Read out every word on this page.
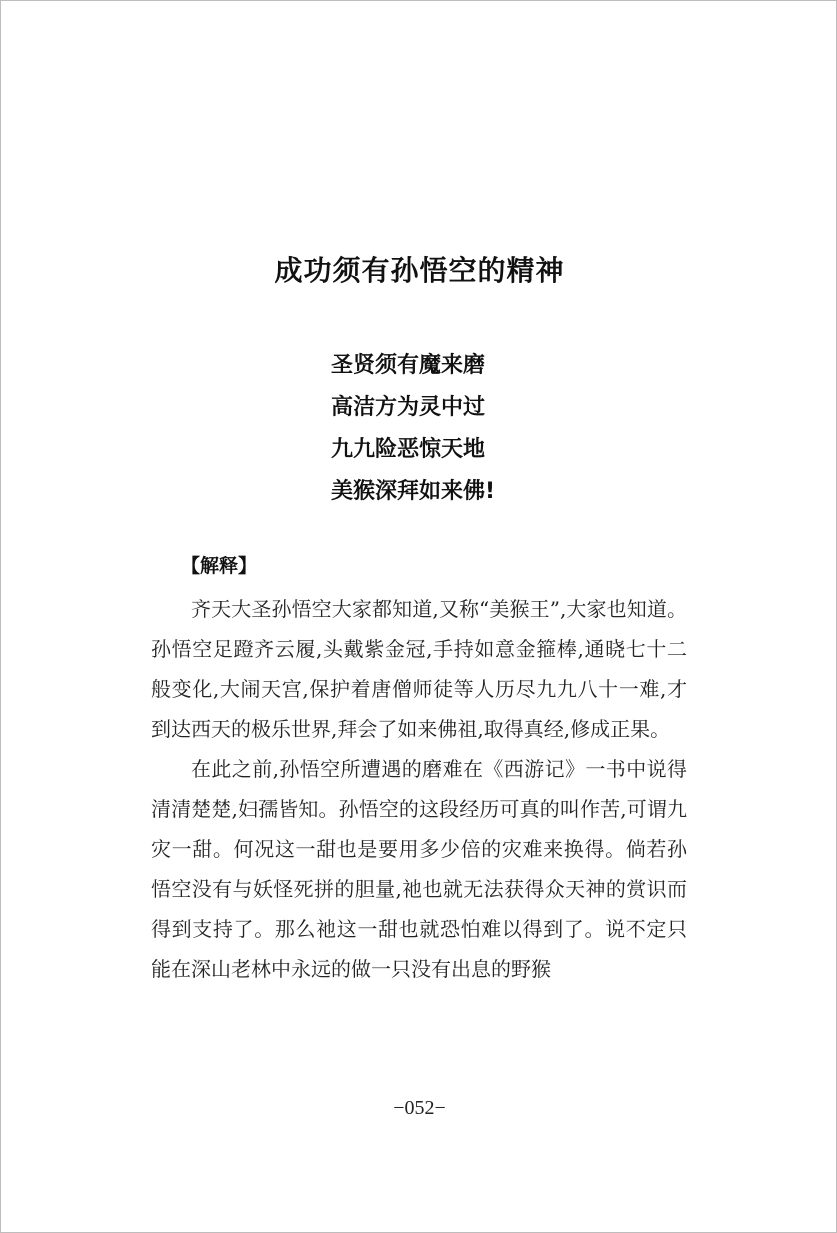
成功须有孙悟空的精神
圣贤须有魔来磨
高洁方为灵中过
九九险恶惊天地
美猴深拜如来佛!
【解释】

齐天大圣孙悟空大家都知道,又称“美猴王”,大家也知道。孙悟空足蹬齐云履,头戴紫金冠,手持如意金箍棒,通晓七十二般变化,大闹天宫,保护着唐僧师徒等人历尽九九八十一难,才到达西天的极乐世界,拜会了如来佛祖,取得真经,修成正果。

在此之前,孙悟空所遭遇的磨难在《西游记》一书中说得清清楚楚,妇孺皆知。孙悟空的这段经历可真的叫作苦,可谓九灾一甜。何况这一甜也是要用多少倍的灾难来换得。倘若孙悟空没有与妖怪死拼的胆量,祂也就无法获得众天神的赏识而得到支持了。那么祂这一甜也就恐怕难以得到了。说不定只能在深山老林中永远的做一只没有出息的野猴

−052−
